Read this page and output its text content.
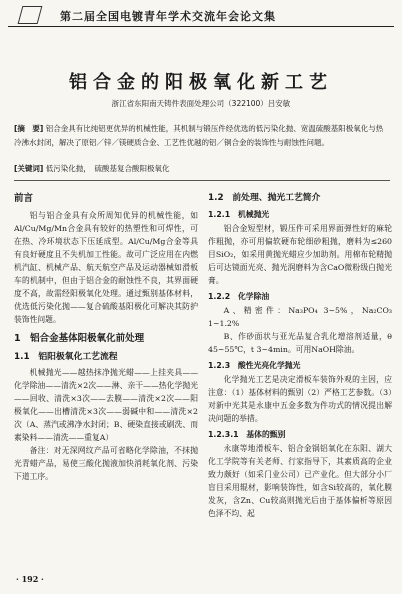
第二届全国电镀青年学术交流年会论文集
铝合金的阳极氧化新工艺
浙江省东阳南天铸件表面处理公司（322100）吕安敏
[摘　要] 铝合金具有比纯铝更优异的机械性能，其机制与锻压件经优选的低污染化抛、宽温硫酸基阳极氧化与热冷沸水封闭，解决了原铝／锌／镁硬质合金、工艺性优越的铝／铜合金的装饰性与耐蚀性问题。
[关键词] 低污染化抛，　硫酸基复合酸阳极氧化
前言

铝与铝合金具有众所周知优异的机械性能，如Al/Cu/Mg/Mn合金具有较好的热塑性和可焊性，可在热、冷环境状态下压延成型。Al/Cu/Mg合金等具有良好硬度且不失机加工性能。故可广泛应用在内燃机汽缸、机械产品、航天航空产品及运动器械如滑板车的机制中，但由于铝合金的耐蚀性不良，其界面硬度不高，故需经阳极氧化处理。通过甄别基体材料，优选低污染化抛——复合硫酸基阳极化可解决其防护装饰性问题。

1　铝合金基体阳极氧化前处理
1.1　铝阳极氧化工艺流程

机械抛光——越热抹净抛光蜡——上挂夹具——化学除油——清洗×2次——淋、亲干——热化学抛光——回收、清洗×3次——去膜——清洗×2次——阳极氧化——出槽清洗×3次——弱碱中和——清洗×2次（A、蒸汽或沸净水封闭；B、硬染直接或刷洗、而素染料——清洗——重复A）

备注：对无深网纹产品可省略化学除油，不抹抛光青蜡产品，易使三酸化抛液加快消耗氧化剂、污染下道工序。

1.2　前处理、抛光工艺简介
1.2.1　机械抛光

铝合金短型材，锻压件可采用界面弹性好的麻轮作粗抛，亦可用偏软硬布轮细砂粗抛，磨料为≤260目SiO₂，如采用黄抛光蜡应少加助剂。用棉布轮精抛后可达镜面光亮、抛光润磨料为含CaO微粉级白抛光膏。

1.2.2　化学除油

A、精密件：Na₃PO₄ 3~5%，Na₂CO₃ 1~1.2%

B、作砂面状与亚光品复合乳化增溶剂适量，θ 45~55℃，t 3~4min。可用NaOH除油。

1.2.3　酸性光亮化学抛光

化学抛光工艺是决定滑板车装饰外观的主因，应注意：（1）基体材料的甄别（2）严格工艺参数。（3）对新中光其是永康中五金多数为件功式的情况提出解决问题的举措。

1.2.3.1　基体的甄别

永康等地滑板车、铝合金锅铝氧化在东阳、湖大化工学院等有关老师、行家指导下，其素质高的企业致力颇好（如采门业公司）已产业化。但大部分小厂盲目采用辊材，影响装饰性，如含Si较高的，氧化膜发灰，含Zn、Cu较高则抛光后由于基体偏析等原因色泽不均、起

· 192 ·
